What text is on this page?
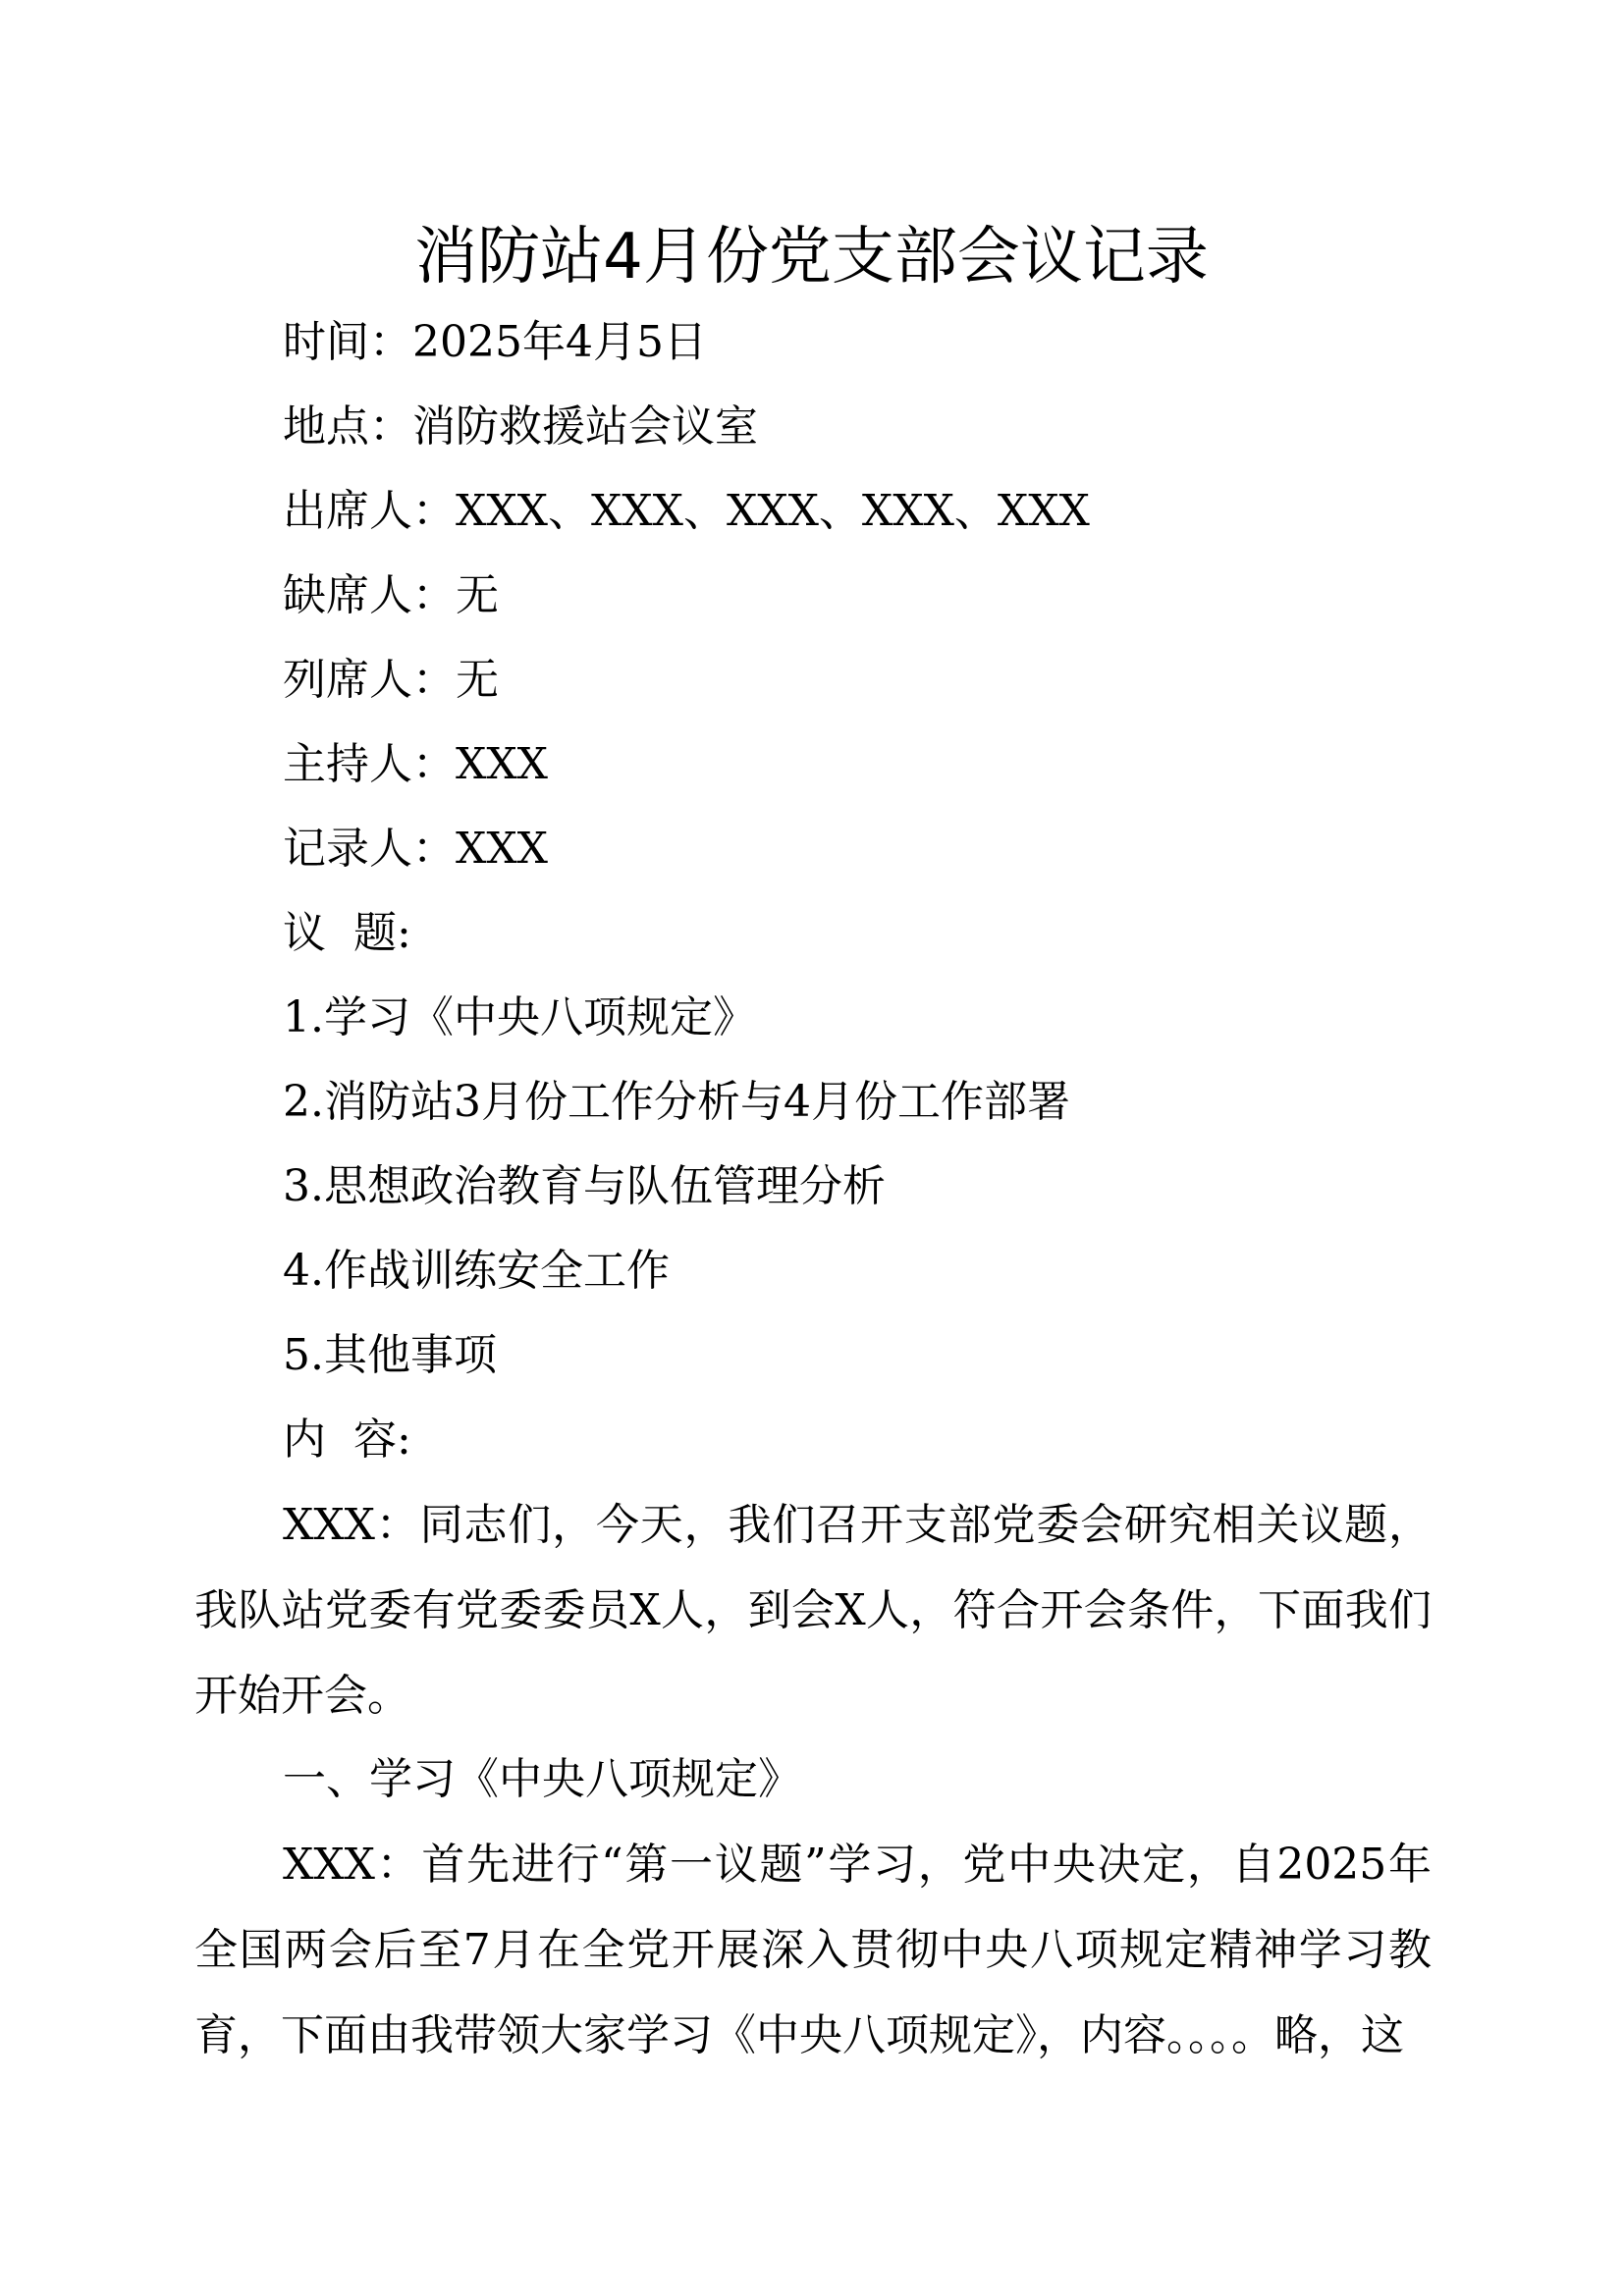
消防站4月份党支部会议记录
时间：2025年4月5日
地点：消防救援站会议室
出席人：XXX、XXX、XXX、XXX、XXX
缺席人：无
列席人：无
主持人：XXX
记录人：XXX
议  题:
1.学习《中央八项规定》
2.消防站3月份工作分析与4月份工作部署
3.思想政治教育与队伍管理分析
4.作战训练安全工作
5.其他事项
内  容:
XXX：同志们，今天，我们召开支部党委会研究相关议题，我队站党委有党委委员X人，到会X人，符合开会条件，下面我们开始开会。
一、学习《中央八项规定》
XXX：首先进行“第一议题”学习，党中央决定，自2025年全国两会后至7月在全党开展深入贯彻中央八项规定精神学习教育，下面由我带领大家学习《中央八项规定》，内容。。。。略，这
